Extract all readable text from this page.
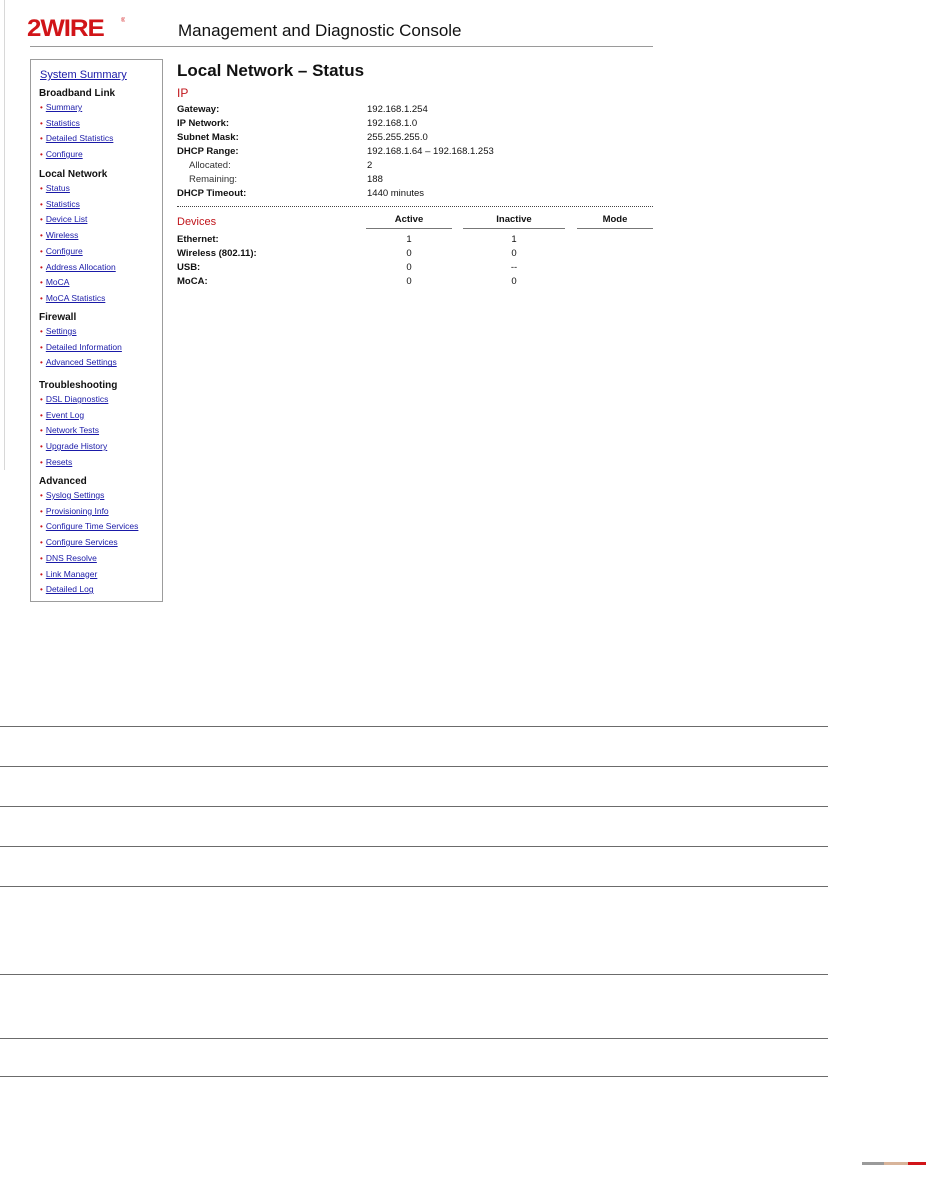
2WIRE	®	Management and Diagnostic Console
System Summary
Broadband Link
• Summary
• Statistics
• Detailed Statistics
• Configure
Local Network
• Status
• Statistics
• Device List
• Wireless
• Configure
• Address Allocation
• MoCA
• MoCA Statistics
Firewall
• Settings
• Detailed Information
• Advanced Settings
Troubleshooting
• DSL Diagnostics
• Event Log
• Network Tests
• Upgrade History
• Resets
Advanced
• Syslog Settings
• Provisioning Info
• Configure Time Services
• Configure Services
• DNS Resolve
• Link Manager
• Detailed Log
Local Network – Status
IP
Gateway:	192.168.1.254
IP Network:	192.168.1.0
Subnet Mask:	255.255.255.0
DHCP Range:	192.168.1.64 – 192.168.1.253
Allocated:	2
Remaining:	188
DHCP Timeout:	1440 minutes
Devices	Active	Inactive	Mode
Ethernet:	1	1
Wireless (802.11):	0	0
USB:	0	--
MoCA:	0	0
